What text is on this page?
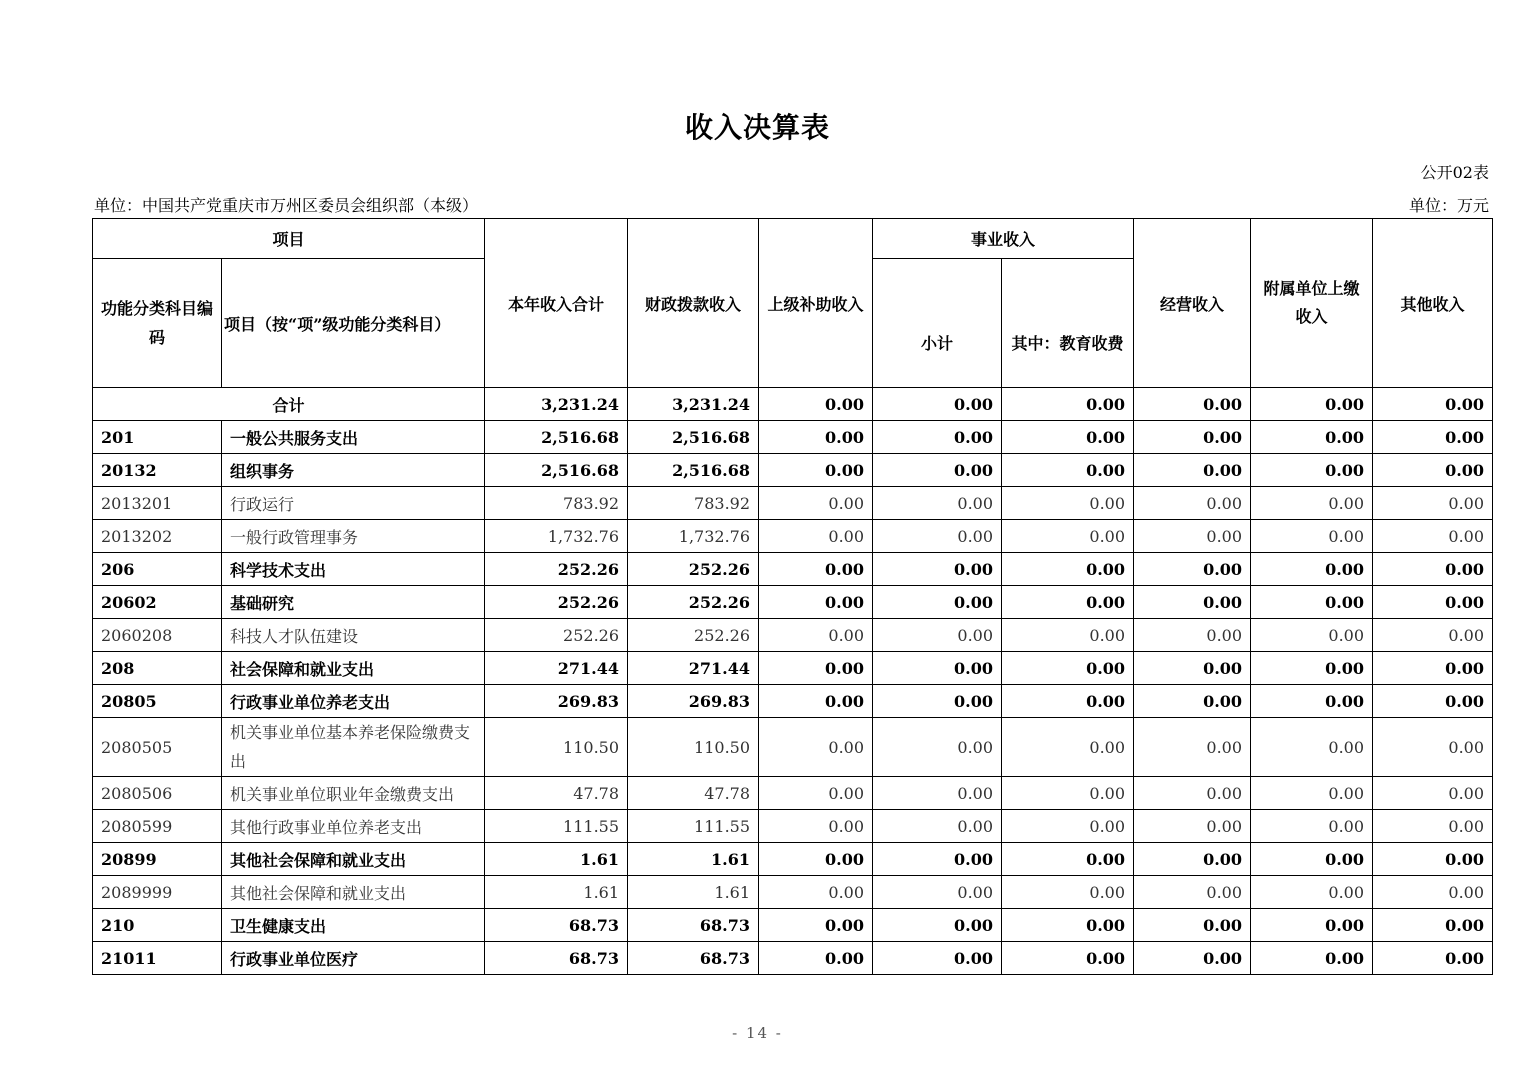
收入决算表
公开02表
单位：中国共产党重庆市万州区委员会组织部（本级）	单位：万元
项目		本年收入合计	财政拨款收入	上级补助收入	事业收入		经营收入	附属单位上缴收入	其他收入
功能分类科目编码	项目（按“项”级功能分类科目）				小计	其中：教育收费			
合计		3,231.24	3,231.24	0.00	0.00	0.00	0.00	0.00	0.00
201	一般公共服务支出	2,516.68	2,516.68	0.00	0.00	0.00	0.00	0.00	0.00
20132	组织事务	2,516.68	2,516.68	0.00	0.00	0.00	0.00	0.00	0.00
2013201	行政运行	783.92	783.92	0.00	0.00	0.00	0.00	0.00	0.00
2013202	一般行政管理事务	1,732.76	1,732.76	0.00	0.00	0.00	0.00	0.00	0.00
206	科学技术支出	252.26	252.26	0.00	0.00	0.00	0.00	0.00	0.00
20602	基础研究	252.26	252.26	0.00	0.00	0.00	0.00	0.00	0.00
2060208	科技人才队伍建设	252.26	252.26	0.00	0.00	0.00	0.00	0.00	0.00
208	社会保障和就业支出	271.44	271.44	0.00	0.00	0.00	0.00	0.00	0.00
20805	行政事业单位养老支出	269.83	269.83	0.00	0.00	0.00	0.00	0.00	0.00
2080505	机关事业单位基本养老保险缴费支出	110.50	110.50	0.00	0.00	0.00	0.00	0.00	0.00
2080506	机关事业单位职业年金缴费支出	47.78	47.78	0.00	0.00	0.00	0.00	0.00	0.00
2080599	其他行政事业单位养老支出	111.55	111.55	0.00	0.00	0.00	0.00	0.00	0.00
20899	其他社会保障和就业支出	1.61	1.61	0.00	0.00	0.00	0.00	0.00	0.00
2089999	其他社会保障和就业支出	1.61	1.61	0.00	0.00	0.00	0.00	0.00	0.00
210	卫生健康支出	68.73	68.73	0.00	0.00	0.00	0.00	0.00	0.00
21011	行政事业单位医疗	68.73	68.73	0.00	0.00	0.00	0.00	0.00	0.00
- 14 -
